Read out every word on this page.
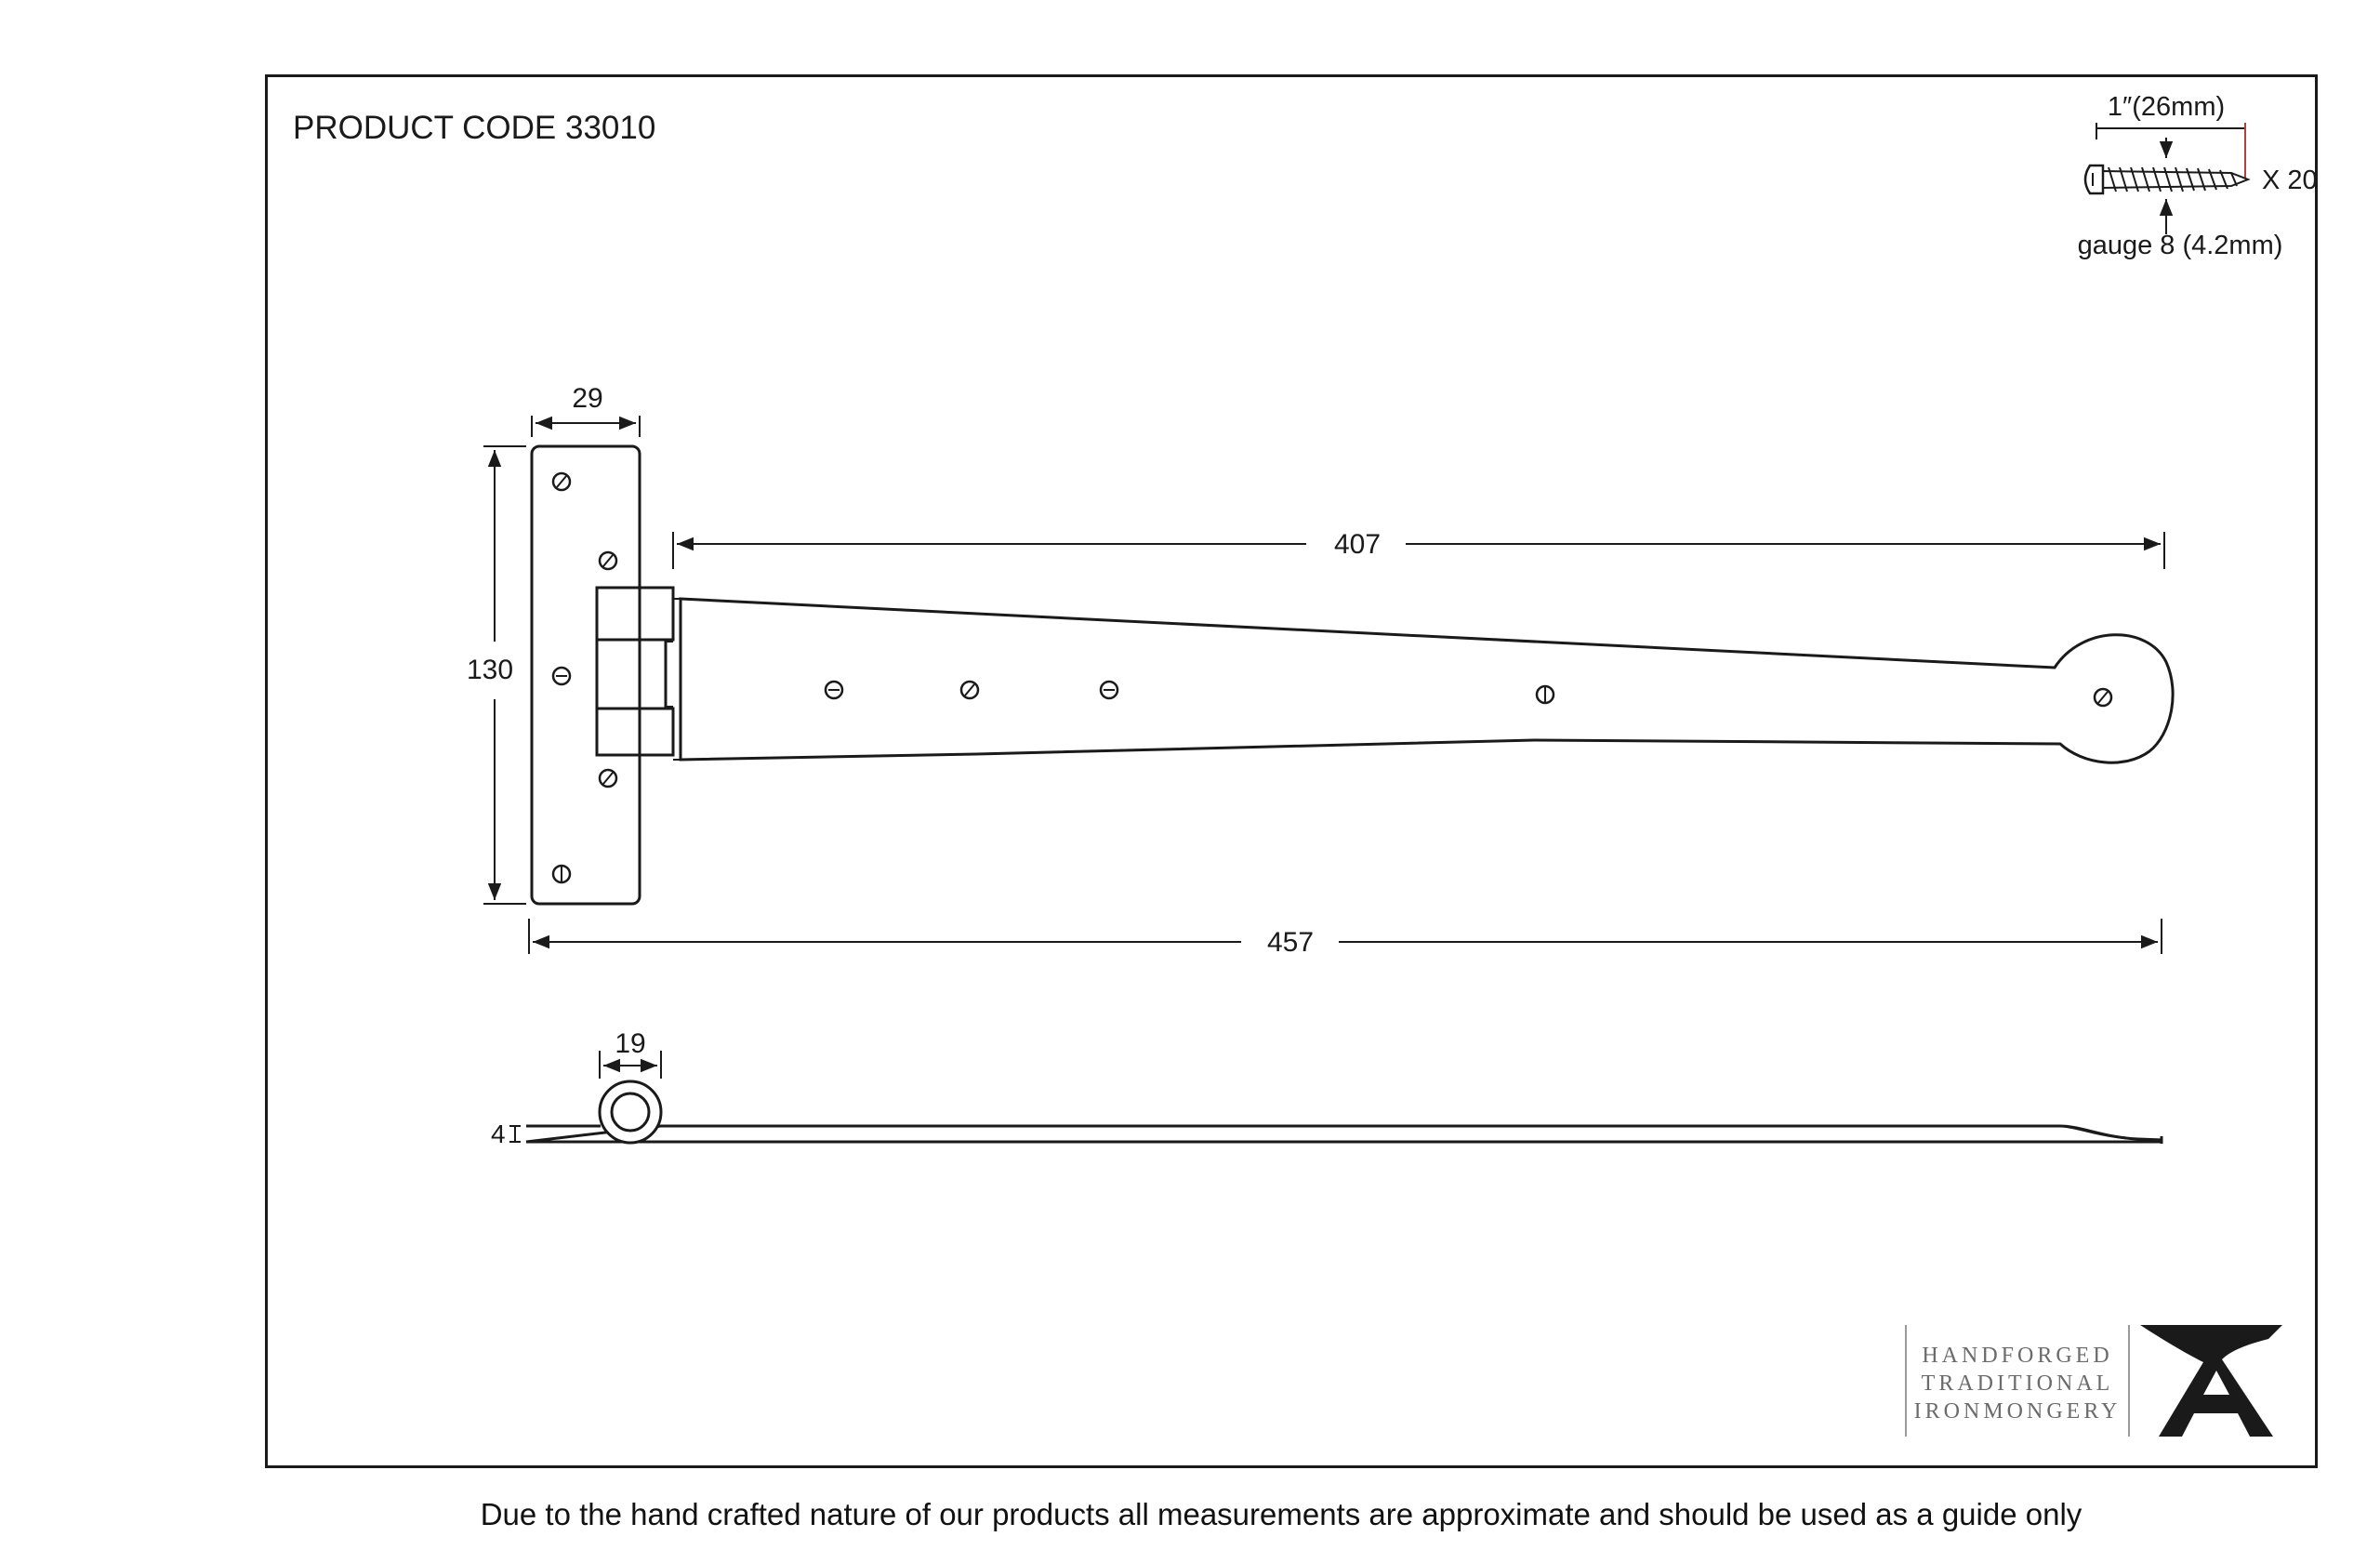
PRODUCT CODE 33010
1″(26mm)
X 20
gauge 8 (4.2mm)
29
130
407
457
19
4
HANDFORGED
TRADITIONAL
IRONMONGERY
Due to the hand crafted nature of our products all measurements are approximate and should be used as a guide only
